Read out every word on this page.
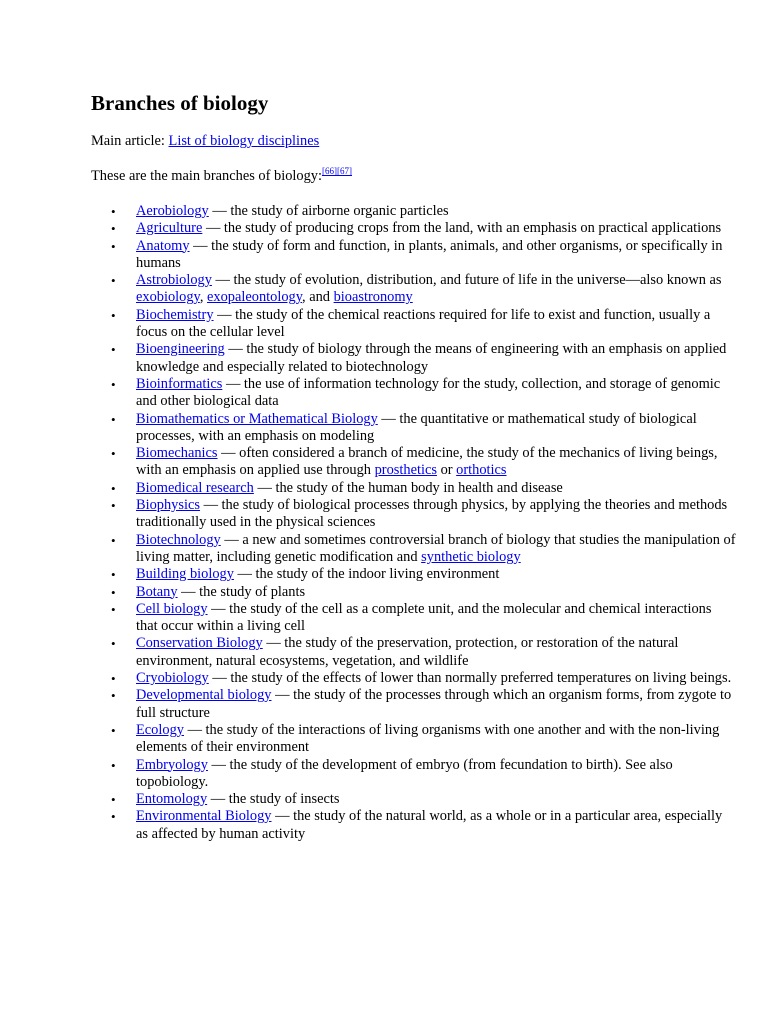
Branches of biology

Main article: List of biology disciplines

These are the main branches of biology:[66][67]

• Aerobiology — the study of airborne organic particles
• Agriculture — the study of producing crops from the land, with an emphasis on practical applications
• Anatomy — the study of form and function, in plants, animals, and other organisms, or specifically in humans
• Astrobiology — the study of evolution, distribution, and future of life in the universe—also known as exobiology, exopaleontology, and bioastronomy
• Biochemistry — the study of the chemical reactions required for life to exist and function, usually a focus on the cellular level
• Bioengineering — the study of biology through the means of engineering with an emphasis on applied knowledge and especially related to biotechnology
• Bioinformatics — the use of information technology for the study, collection, and storage of genomic and other biological data
• Biomathematics or Mathematical Biology — the quantitative or mathematical study of biological processes, with an emphasis on modeling
• Biomechanics — often considered a branch of medicine, the study of the mechanics of living beings, with an emphasis on applied use through prosthetics or orthotics
• Biomedical research — the study of the human body in health and disease
• Biophysics — the study of biological processes through physics, by applying the theories and methods traditionally used in the physical sciences
• Biotechnology — a new and sometimes controversial branch of biology that studies the manipulation of living matter, including genetic modification and synthetic biology
• Building biology — the study of the indoor living environment
• Botany — the study of plants
• Cell biology — the study of the cell as a complete unit, and the molecular and chemical interactions that occur within a living cell
• Conservation Biology — the study of the preservation, protection, or restoration of the natural environment, natural ecosystems, vegetation, and wildlife
• Cryobiology — the study of the effects of lower than normally preferred temperatures on living beings.
• Developmental biology — the study of the processes through which an organism forms, from zygote to full structure
• Ecology — the study of the interactions of living organisms with one another and with the non-living elements of their environment
• Embryology — the study of the development of embryo (from fecundation to birth). See also topobiology.
• Entomology — the study of insects
• Environmental Biology — the study of the natural world, as a whole or in a particular area, especially as affected by human activity
